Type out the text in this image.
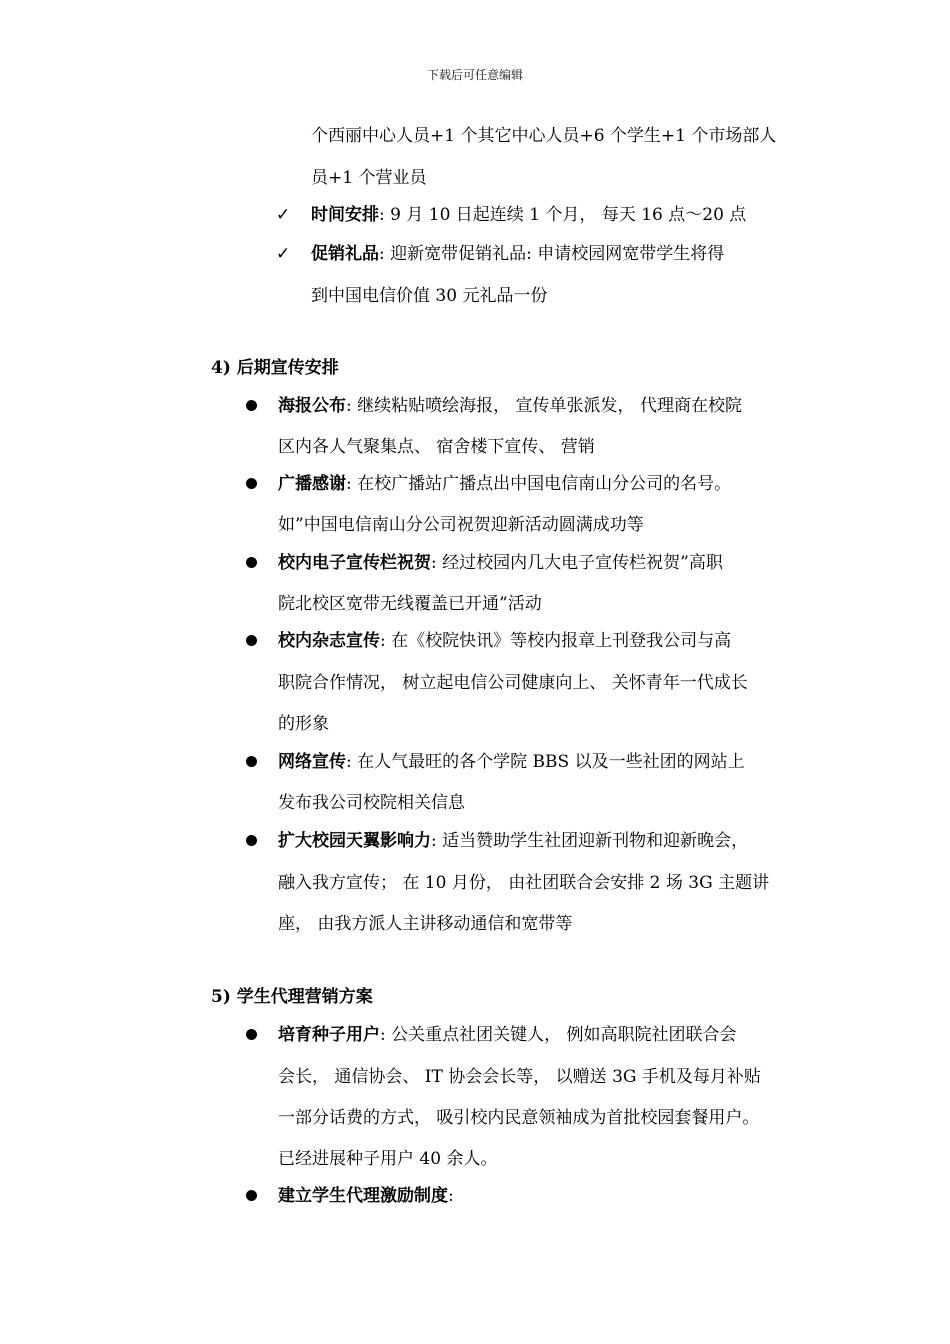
下载后可任意编辑
个西丽中心人员+1 个其它中心人员+6 个学生+1 个市场部人
员+1 个营业员
✓ 时间安排: 9 月 10 日起连续 1 个月， 每天 16 点～20 点
✓ 促销礼品: 迎新宽带促销礼品: 申请校园网宽带学生将得
到中国电信价值 30 元礼品一份
4) 后期宣传安排
海报公布: 继续粘贴喷绘海报， 宣传单张派发， 代理商在校院
区内各人气聚集点、 宿舍楼下宣传、 营销
广播感谢: 在校广播站广播点出中国电信南山分公司的名号。
如”中国电信南山分公司祝贺迎新活动圆满成功等
校内电子宣传栏祝贺: 经过校园内几大电子宣传栏祝贺”高职
院北校区宽带无线覆盖已开通”活动
校内杂志宣传: 在《校院快讯》等校内报章上刊登我公司与高
职院合作情况， 树立起电信公司健康向上、 关怀青年一代成长
的形象
网络宣传: 在人气最旺的各个学院 BBS 以及一些社团的网站上
发布我公司校院相关信息
扩大校园天翼影响力: 适当赞助学生社团迎新刊物和迎新晚会，
融入我方宣传； 在 10 月份， 由社团联合会安排 2 场 3G 主题讲
座， 由我方派人主讲移动通信和宽带等
5) 学生代理营销方案
培育种子用户: 公关重点社团关键人， 例如高职院社团联合会
会长， 通信协会、 IT 协会会长等， 以赠送 3G 手机及每月补贴
一部分话费的方式， 吸引校内民意领袖成为首批校园套餐用户。
已经进展种子用户 40 余人。
建立学生代理激励制度:
